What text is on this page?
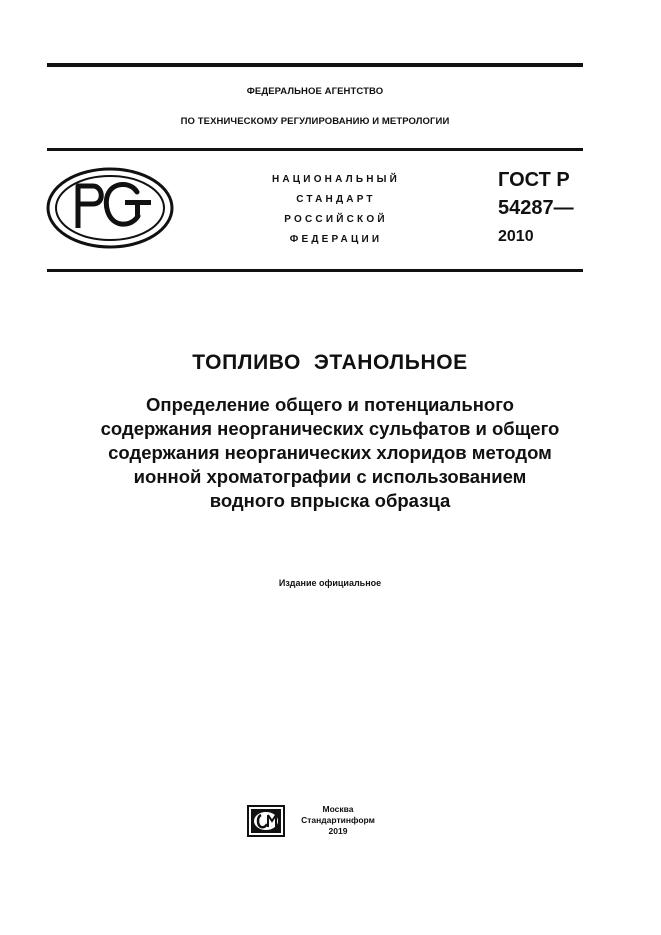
ФЕДЕРАЛЬНОЕ АГЕНТСТВО
ПО ТЕХНИЧЕСКОМУ РЕГУЛИРОВАНИЮ И МЕТРОЛОГИИ
НАЦИОНАЛЬНЫЙ
СТАНДАРТ
РОССИЙСКОЙ
ФЕДЕРАЦИИ
ГОСТ Р
54287—
2010
ТОПЛИВО  ЭТАНОЛЬНОЕ
Определение общего и потенциального
содержания неорганических сульфатов и общего
содержания неорганических хлоридов методом
ионной хроматографии с использованием
водного впрыска образца
Издание официальное
Москва
Стандартинформ
2019
